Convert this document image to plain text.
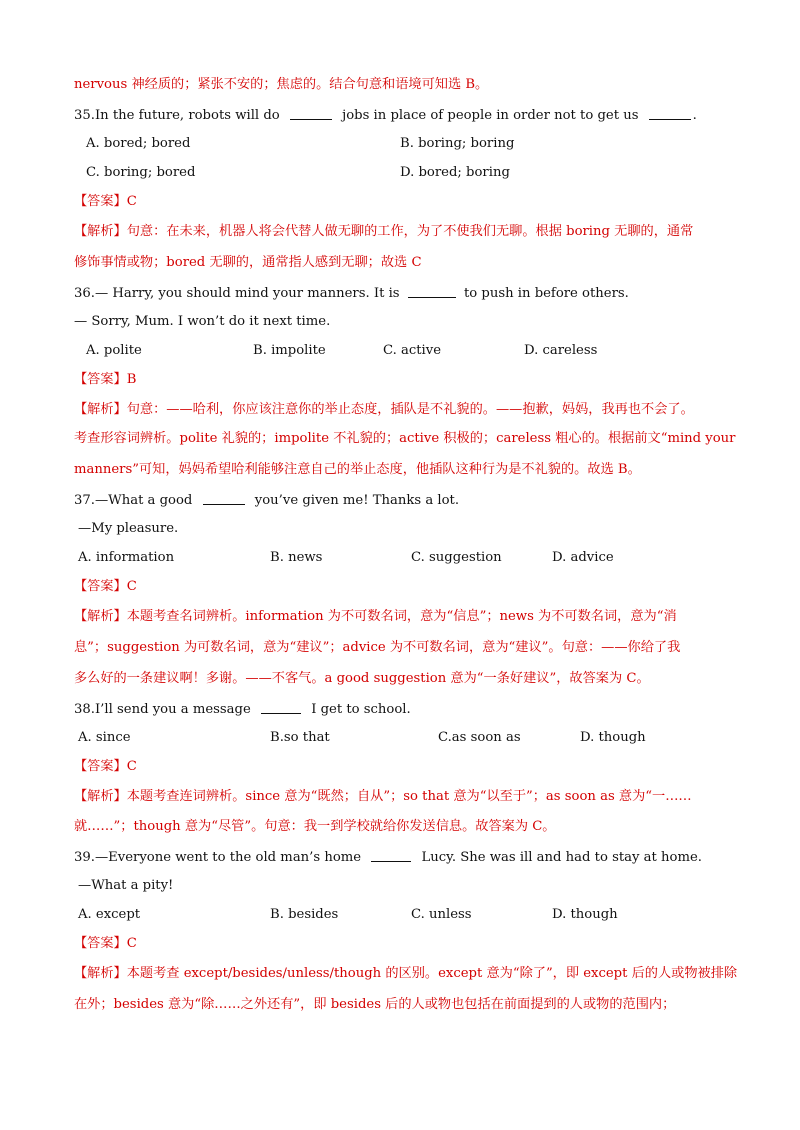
nervous 神经质的；紧张不安的；焦虑的。结合句意和语境可知选 B。
35.In the future, robots will do	jobs in place of people in order not to get us	.
A. bored; bored	B. boring; boring
C. boring; bored	D. bored; boring
【答案】C
【解析】句意：在未来，机器人将会代替人做无聊的工作，为了不使我们无聊。根据 boring 无聊的，通常
修饰事情或物；bored 无聊的，通常指人感到无聊；故选 C
36.— Harry, you should mind your manners. It is	to push in before others.
— Sorry, Mum. I won’t do it next time.
A. polite	B. impolite	C. active	D. careless
【答案】B
【解析】句意：——哈利，你应该注意你的举止态度，插队是不礼貌的。——抱歉，妈妈，我再也不会了。
考查形容词辨析。polite 礼貌的；impolite 不礼貌的；active 积极的；careless 粗心的。根据前文“mind your
manners”可知，妈妈希望哈利能够注意自己的举止态度，他插队这种行为是不礼貌的。故选 B。
37.—What a good	you’ve given me! Thanks a lot.
—My pleasure.
A. information	B. news	C. suggestion	D. advice
【答案】C
【解析】本题考查名词辨析。information 为不可数名词，意为“信息”；news 为不可数名词，意为“消
息”；suggestion 为可数名词，意为“建议”；advice 为不可数名词，意为“建议”。句意：——你给了我
多么好的一条建议啊！多谢。——不客气。a good suggestion 意为“一条好建议”，故答案为 C。
38.I’ll send you a message	I get to school.
A. since	B.so that	C.as soon as	D. though
【答案】C
【解析】本题考查连词辨析。since 意为“既然；自从”；so that 意为“以至于”；as soon as 意为“一……
就……”；though 意为“尽管”。句意：我一到学校就给你发送信息。故答案为 C。
39.—Everyone went to the old man’s home	Lucy. She was ill and had to stay at home.
—What a pity!
A. except	B. besides	C. unless	D. though
【答案】C
【解析】本题考查 except/besides/unless/though 的区别。except 意为“除了”，即 except 后的人或物被排除
在外；besides 意为“除……之外还有”，即 besides 后的人或物也包括在前面提到的人或物的范围内；
